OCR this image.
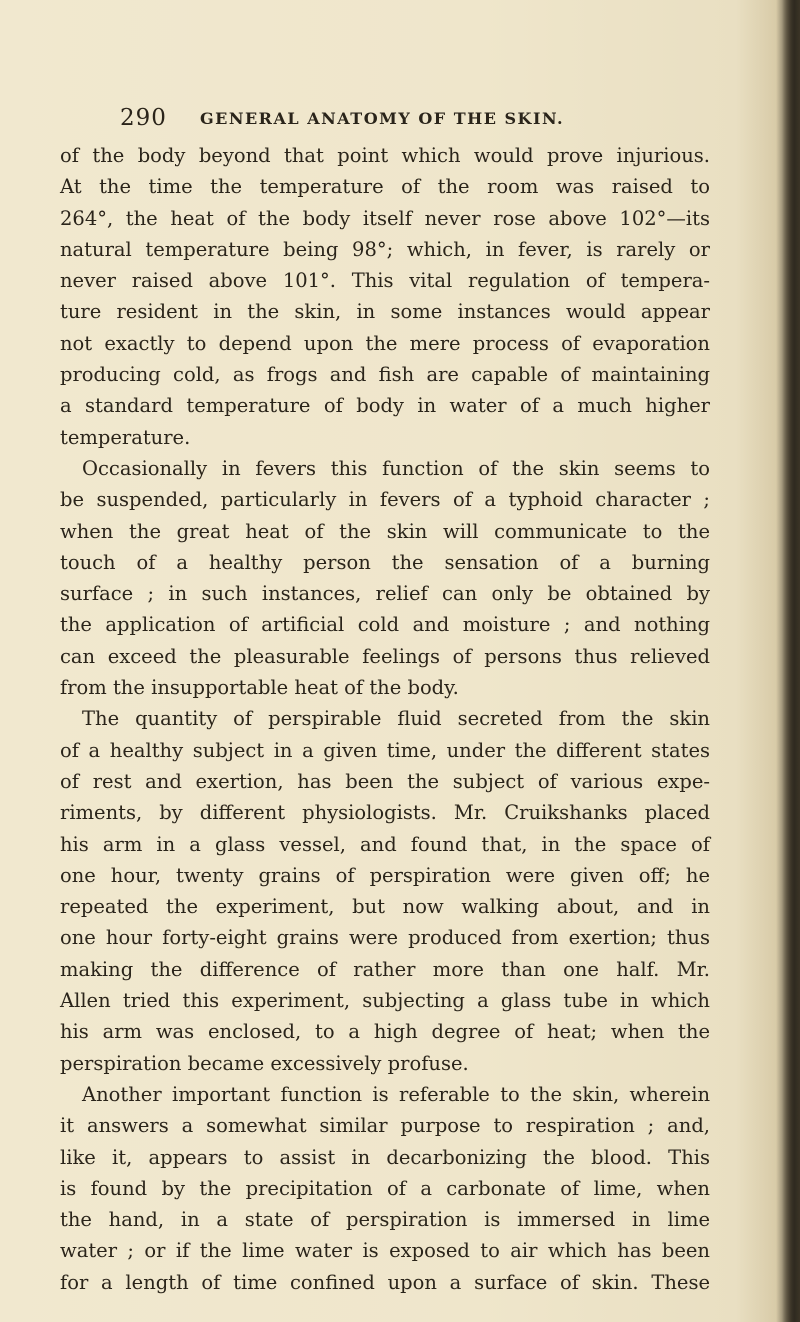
290 GENERAL ANATOMY OF THE SKIN.
of the body beyond that point which would prove injurious.
At the time the temperature of the room was raised to
264°, the heat of the body itself never rose above 102°—its
natural temperature being 98°; which, in fever, is rarely or
never raised above 101°. This vital regulation of tempera-
ture resident in the skin, in some instances would appear
not exactly to depend upon the mere process of evaporation
producing cold, as frogs and fish are capable of maintaining
a standard temperature of body in water of a much higher
temperature.
Occasionally in fevers this function of the skin seems to
be suspended, particularly in fevers of a typhoid character ;
when the great heat of the skin will communicate to the
touch of a healthy person the sensation of a burning
surface ; in such instances, relief can only be obtained by
the application of artificial cold and moisture ; and nothing
can exceed the pleasurable feelings of persons thus relieved
from the insupportable heat of the body.
The quantity of perspirable fluid secreted from the skin
of a healthy subject in a given time, under the different states
of rest and exertion, has been the subject of various expe-
riments, by different physiologists. Mr. Cruikshanks placed
his arm in a glass vessel, and found that, in the space of
one hour, twenty grains of perspiration were given off; he
repeated the experiment, but now walking about, and in
one hour forty-eight grains were produced from exertion; thus
making the difference of rather more than one half. Mr.
Allen tried this experiment, subjecting a glass tube in which
his arm was enclosed, to a high degree of heat; when the
perspiration became excessively profuse.
Another important function is referable to the skin, wherein
it answers a somewhat similar purpose to respiration ; and,
like it, appears to assist in decarbonizing the blood. This
is found by the precipitation of a carbonate of lime, when
the hand, in a state of perspiration is immersed in lime
water ; or if the lime water is exposed to air which has been
for a length of time confined upon a surface of skin. These
